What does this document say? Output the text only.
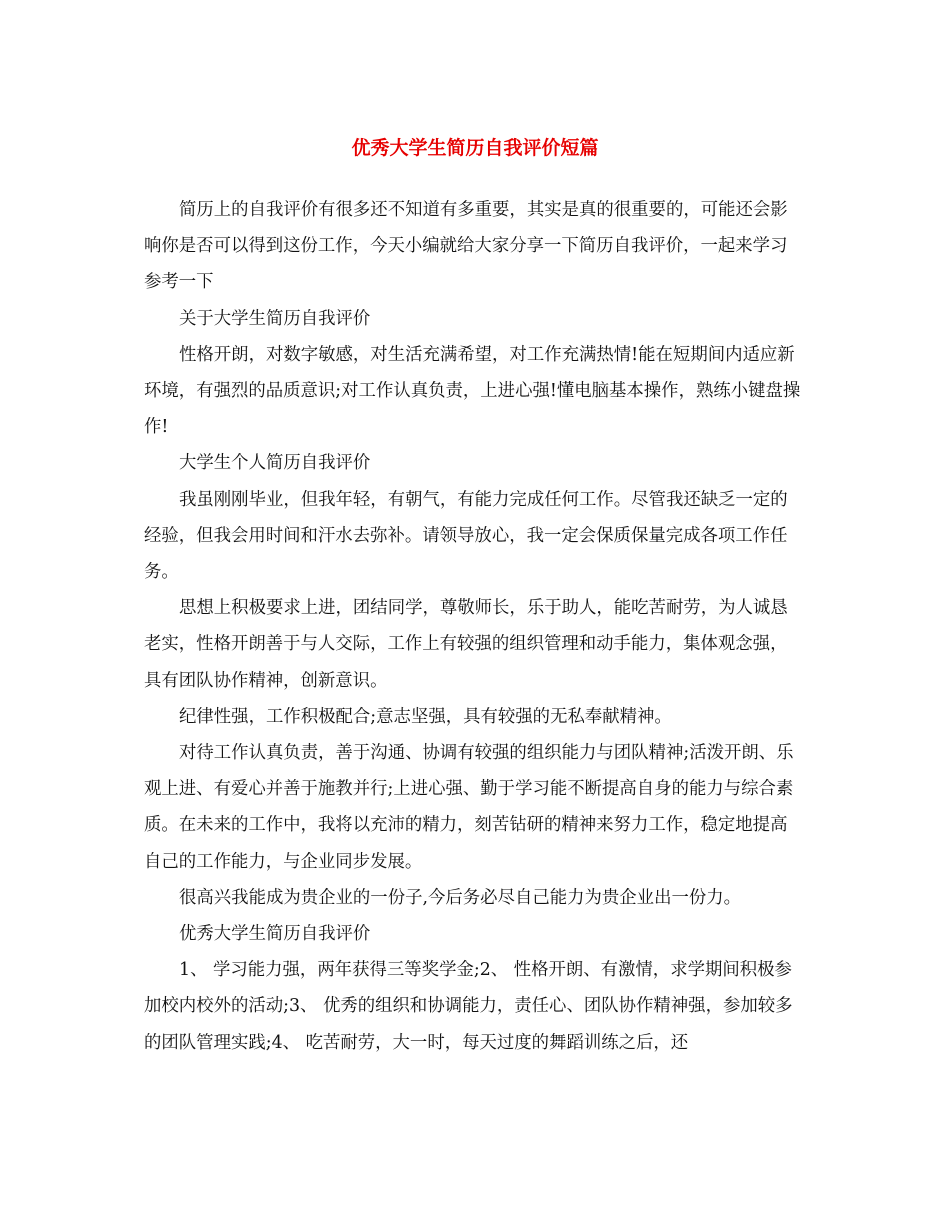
优秀大学生简历自我评价短篇

简历上的自我评价有很多还不知道有多重要，其实是真的很重要的，可能还会影响你是否可以得到这份工作，今天小编就给大家分享一下简历自我评价，一起来学习参考一下

关于大学生简历自我评价

性格开朗，对数字敏感，对生活充满希望，对工作充满热情!能在短期间内适应新环境，有强烈的品质意识;对工作认真负责，上进心强!懂电脑基本操作，熟练小键盘操作!

大学生个人简历自我评价

我虽刚刚毕业，但我年轻，有朝气，有能力完成任何工作。尽管我还缺乏一定的经验，但我会用时间和汗水去弥补。请领导放心，我一定会保质保量完成各项工作任务。

思想上积极要求上进，团结同学，尊敬师长，乐于助人，能吃苦耐劳，为人诚恳老实，性格开朗善于与人交际，工作上有较强的组织管理和动手能力，集体观念强，具有团队协作精神，创新意识。

纪律性强，工作积极配合;意志坚强，具有较强的无私奉献精神。

对待工作认真负责，善于沟通、协调有较强的组织能力与团队精神;活泼开朗、乐观上进、有爱心并善于施教并行;上进心强、勤于学习能不断提高自身的能力与综合素质。在未来的工作中，我将以充沛的精力，刻苦钻研的精神来努力工作，稳定地提高自己的工作能力，与企业同步发展。

很高兴我能成为贵企业的一份子,今后务必尽自己能力为贵企业出一份力。

优秀大学生简历自我评价

1、 学习能力强，两年获得三等奖学金;2、 性格开朗、有激情，求学期间积极参加校内校外的活动;3、 优秀的组织和协调能力，责任心、团队协作精神强，参加较多的团队管理实践;4、 吃苦耐劳，大一时，每天过度的舞蹈训练之后，还
